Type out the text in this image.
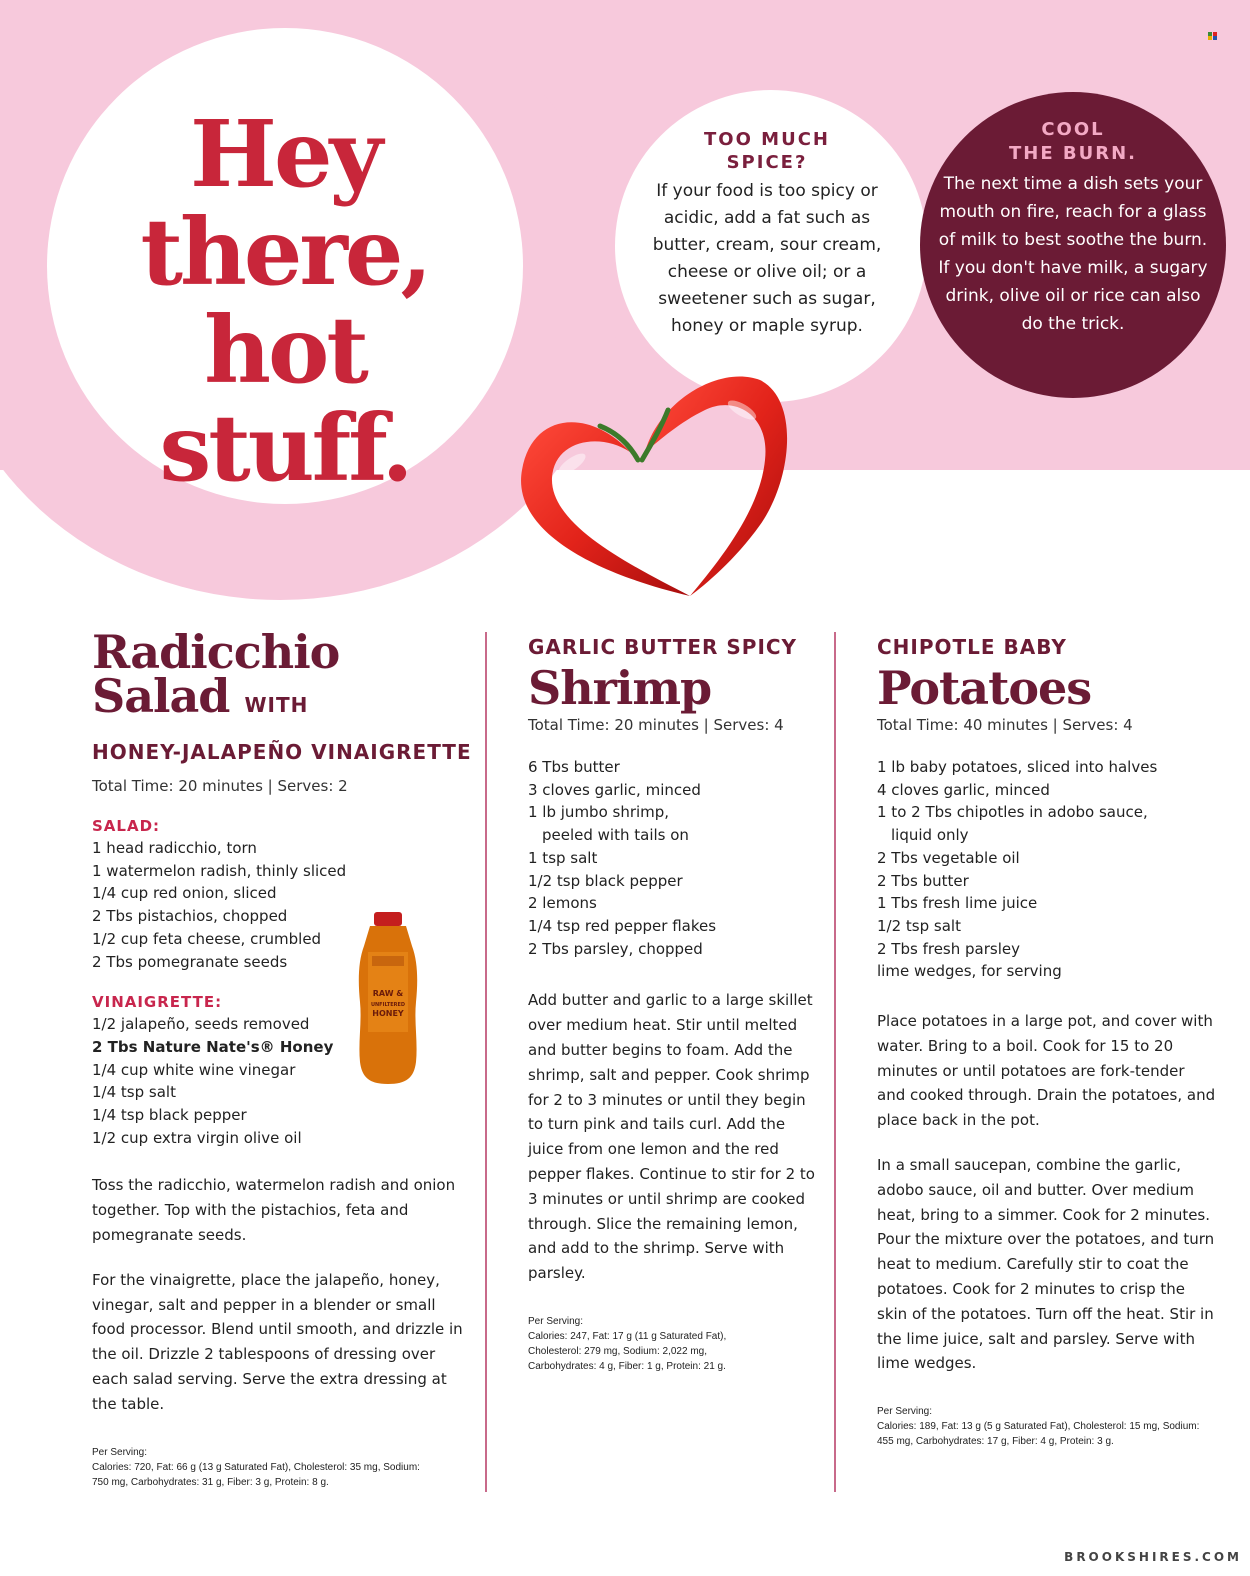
Hey
there, hot
stuff.
TOO MUCH
SPICE?
If your food is too spicy or acidic, add a fat such as butter, cream, sour cream, cheese or olive oil; or a sweetener such as sugar, honey or maple syrup.
COOL
THE BURN.
The next time a dish sets your mouth on fire, reach for a glass of milk to best soothe the burn. If you don't have milk, a sugary drink, olive oil or rice can also do the trick.
Radicchio
Salad WITH
HONEY-JALAPEÑO VINAIGRETTE

Total Time: 20 minutes | Serves: 2

SALAD:

1 head radicchio, torn
1 watermelon radish, thinly sliced
1/4 cup red onion, sliced
2 Tbs pistachios, chopped
1/2 cup feta cheese, crumbled
2 Tbs pomegranate seeds

VINAIGRETTE:

1/2 jalapeño, seeds removed
2 Tbs Nature Nate's® Honey
1/4 cup white wine vinegar
1/4 tsp salt
1/4 tsp black pepper
1/2 cup extra virgin olive oil

Toss the radicchio, watermelon radish and onion together. Top with the pistachios, feta and pomegranate seeds.

For the vinaigrette, place the jalapeño, honey, vinegar, salt and pepper in a blender or small food processor. Blend until smooth, and drizzle in the oil. Drizzle 2 tablespoons of dressing over each salad serving. Serve the extra dressing at the table.

Per Serving:
Calories: 720, Fat: 66 g (13 g Saturated Fat), Cholesterol: 35 mg, Sodium: 750 mg, Carbohydrates: 31 g, Fiber: 3 g, Protein: 8 g.

RAW &
UNFILTERED
HONEY
GARLIC BUTTER SPICY
Shrimp

Total Time: 20 minutes | Serves: 4

6 Tbs butter
3 cloves garlic, minced
1 lb jumbo shrimp,
peeled with tails on
1 tsp salt
1/2 tsp black pepper
2 lemons
1/4 tsp red pepper flakes
2 Tbs parsley, chopped

Add butter and garlic to a large skillet over medium heat. Stir until melted and butter begins to foam. Add the shrimp, salt and pepper. Cook shrimp for 2 to 3 minutes or until they begin to turn pink and tails curl. Add the juice from one lemon and the red pepper flakes. Continue to stir for 2 to 3 minutes or until shrimp are cooked through. Slice the remaining lemon, and add to the shrimp. Serve with parsley.

Per Serving:
Calories: 247, Fat: 17 g (11 g Saturated Fat), Cholesterol: 279 mg, Sodium: 2,022 mg, Carbohydrates: 4 g, Fiber: 1 g, Protein: 21 g.

CHIPOTLE BABY
Potatoes

Total Time: 40 minutes | Serves: 4

1 lb baby potatoes, sliced into halves
4 cloves garlic, minced
1 to 2 Tbs chipotles in adobo sauce,
liquid only
2 Tbs vegetable oil
2 Tbs butter
1 Tbs fresh lime juice
1/2 tsp salt
2 Tbs fresh parsley
lime wedges, for serving

Place potatoes in a large pot, and cover with water. Bring to a boil. Cook for 15 to 20 minutes or until potatoes are fork-tender and cooked through. Drain the potatoes, and place back in the pot.

In a small saucepan, combine the garlic, adobo sauce, oil and butter. Over medium heat, bring to a simmer. Cook for 2 minutes. Pour the mixture over the potatoes, and turn heat to medium. Carefully stir to coat the potatoes. Cook for 2 minutes to crisp the skin of the potatoes. Turn off the heat. Stir in the lime juice, salt and parsley. Serve with lime wedges.

Per Serving:
Calories: 189, Fat: 13 g (5 g Saturated Fat), Cholesterol: 15 mg, Sodium: 455 mg, Carbohydrates: 17 g, Fiber: 4 g, Protein: 3 g.

BROOKSHIRES.COM
